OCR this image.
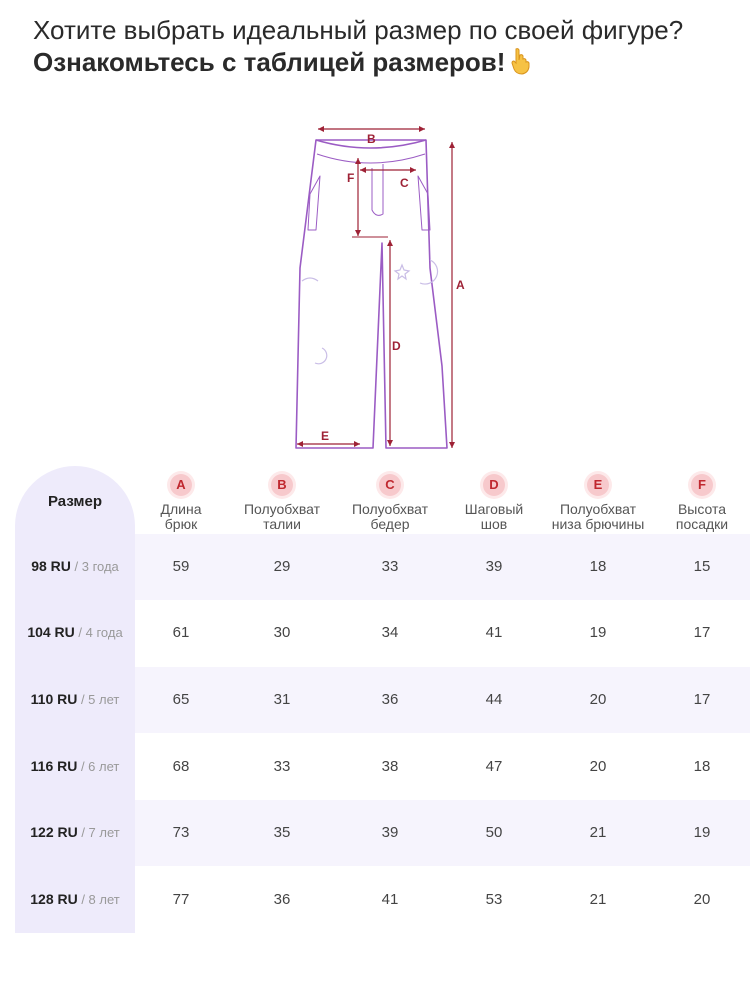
Хотите выбрать идеальный размер по своей фигуре?
Ознакомьтесь с таблицей размеров!
B
F	C
A
D
E
Размер
A
Длина
брюк
B
Полуобхват
талии
C
Полуобхват
бедер
D
Шаговый
шов
E
Полуобхват
низа брючины
F
Высота
посадки
98 RU / 3 года	59	29	33	39	18	15
104 RU / 4 года	61	30	34	41	19	17
110 RU / 5 лет	65	31	36	44	20	17
116 RU / 6 лет	68	33	38	47	20	18
122 RU / 7 лет	73	35	39	50	21	19
128 RU / 8 лет	77	36	41	53	21	20
